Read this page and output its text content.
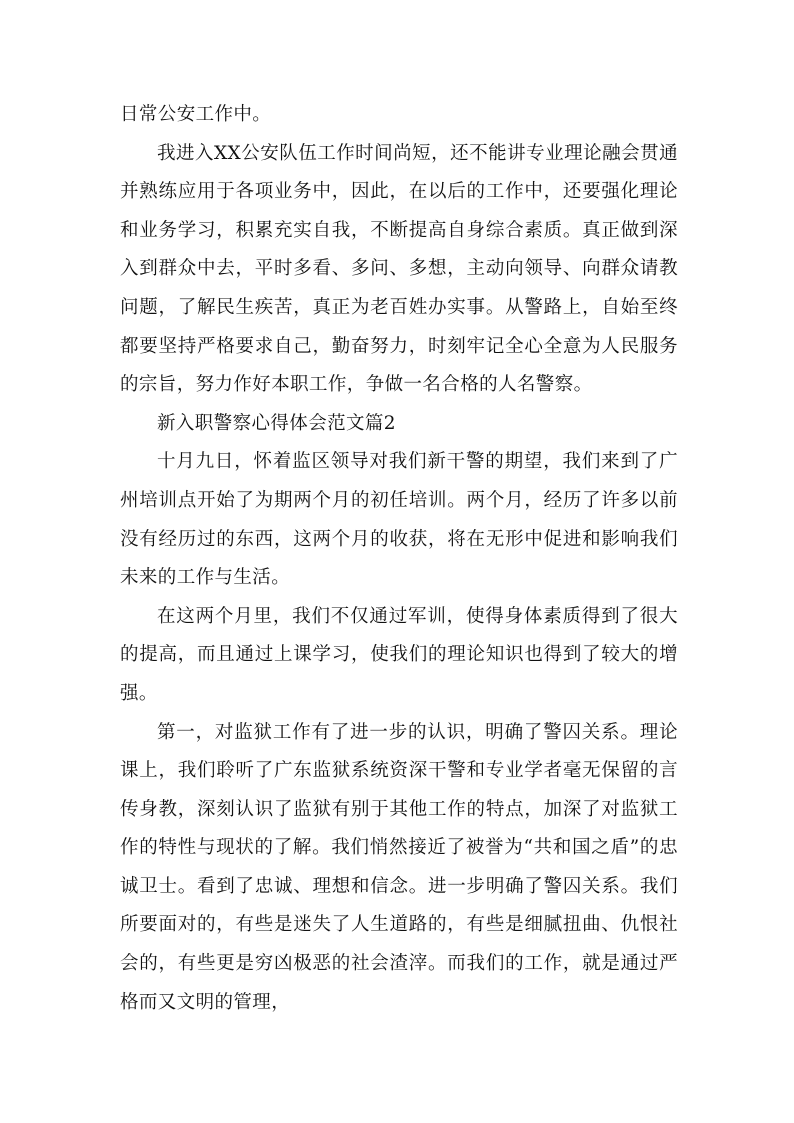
日常公安工作中。

我进入XX公安队伍工作时间尚短，还不能讲专业理论融会贯通并熟练应用于各项业务中，因此，在以后的工作中，还要强化理论和业务学习，积累充实自我，不断提高自身综合素质。真正做到深入到群众中去，平时多看、多问、多想，主动向领导、向群众请教问题，了解民生疾苦，真正为老百姓办实事。从警路上，自始至终都要坚持严格要求自己，勤奋努力，时刻牢记全心全意为人民服务的宗旨，努力作好本职工作，争做一名合格的人名警察。

新入职警察心得体会范文篇2

十月九日，怀着监区领导对我们新干警的期望，我们来到了广州培训点开始了为期两个月的初任培训。两个月，经历了许多以前没有经历过的东西，这两个月的收获，将在无形中促进和影响我们未来的工作与生活。

在这两个月里，我们不仅通过军训，使得身体素质得到了很大的提高，而且通过上课学习，使我们的理论知识也得到了较大的增强。

第一，对监狱工作有了进一步的认识，明确了警囚关系。理论课上，我们聆听了广东监狱系统资深干警和专业学者毫无保留的言传身教，深刻认识了监狱有别于其他工作的特点，加深了对监狱工作的特性与现状的了解。我们悄然接近了被誉为“共和国之盾”的忠诚卫士。看到了忠诚、理想和信念。进一步明确了警囚关系。我们所要面对的，有些是迷失了人生道路的，有些是细腻扭曲、仇恨社会的，有些更是穷凶极恶的社会渣滓。而我们的工作，就是通过严格而又文明的管理，
